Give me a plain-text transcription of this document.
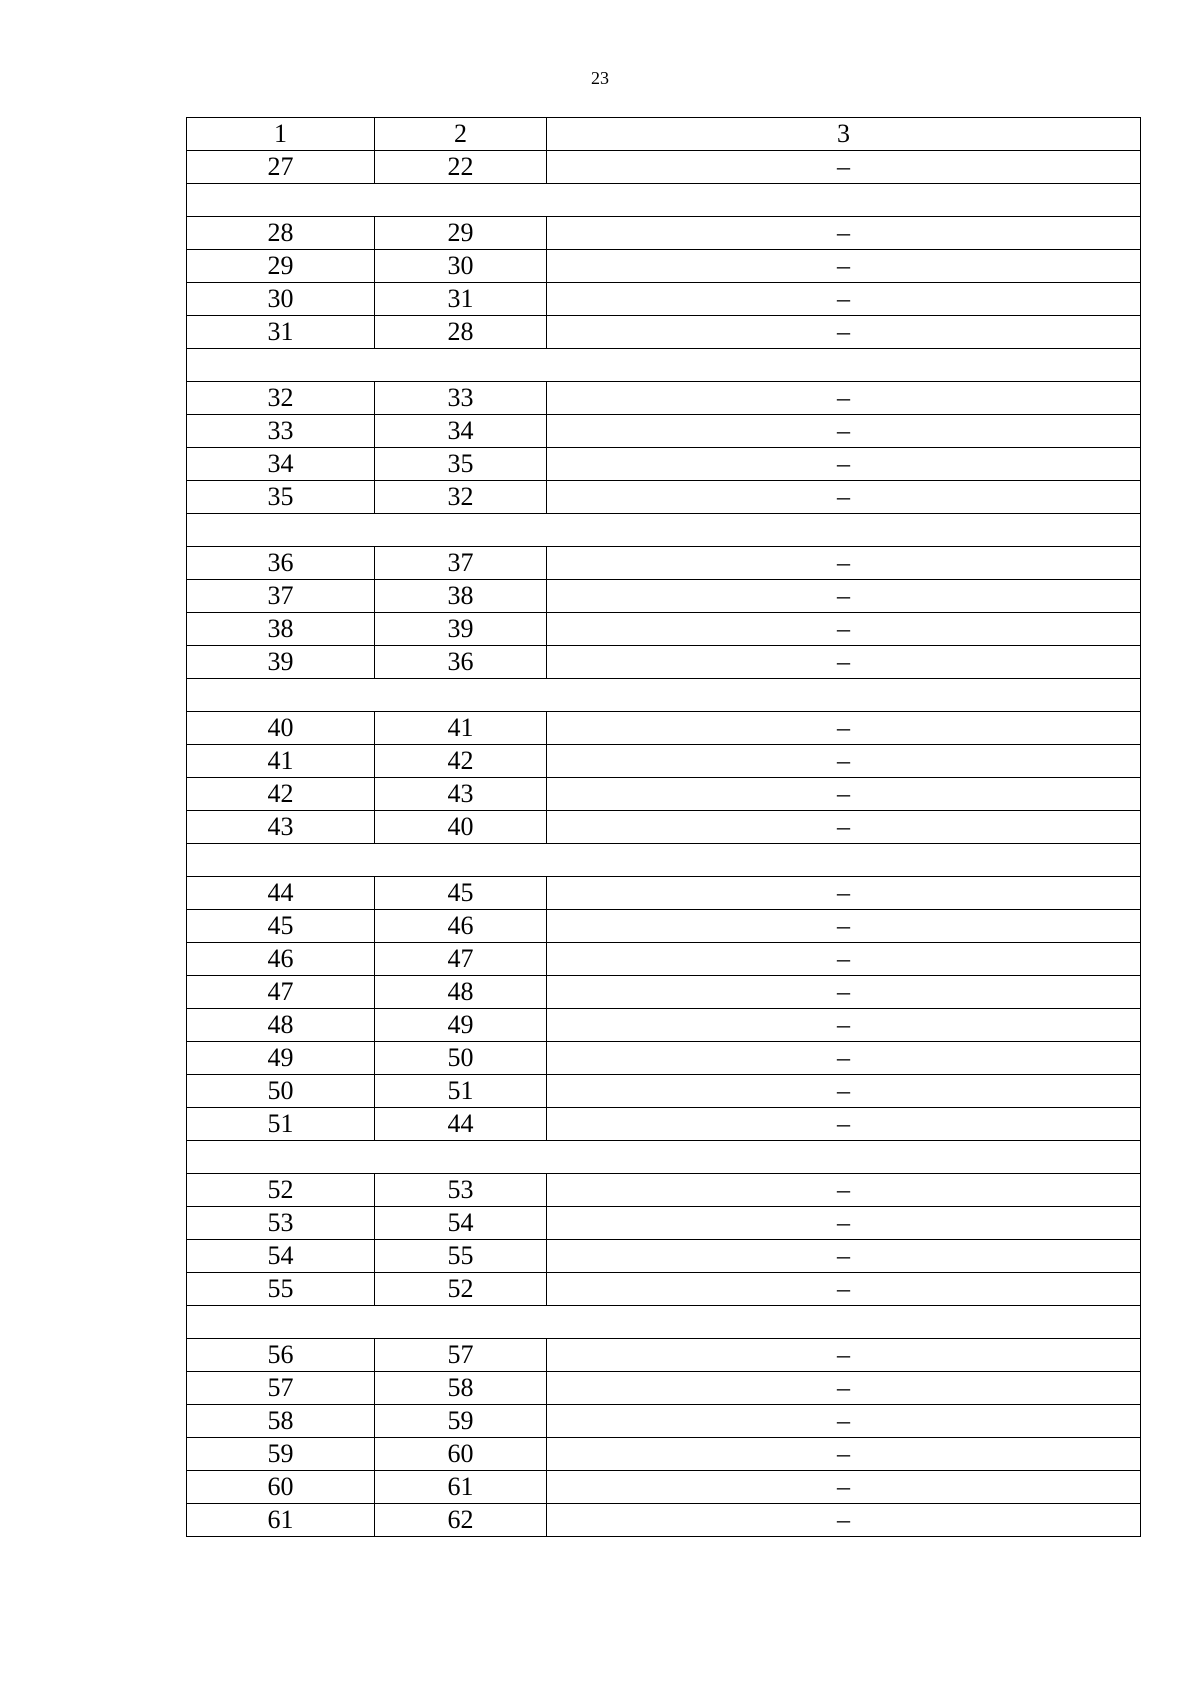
23
1	2	3
27	22	–

28	29	–
29	30	–
30	31	–
31	28	–

32	33	–
33	34	–
34	35	–
35	32	–

36	37	–
37	38	–
38	39	–
39	36	–

40	41	–
41	42	–
42	43	–
43	40	–

44	45	–
45	46	–
46	47	–
47	48	–
48	49	–
49	50	–
50	51	–
51	44	–

52	53	–
53	54	–
54	55	–
55	52	–

56	57	–
57	58	–
58	59	–
59	60	–
60	61	–
61	62	–
